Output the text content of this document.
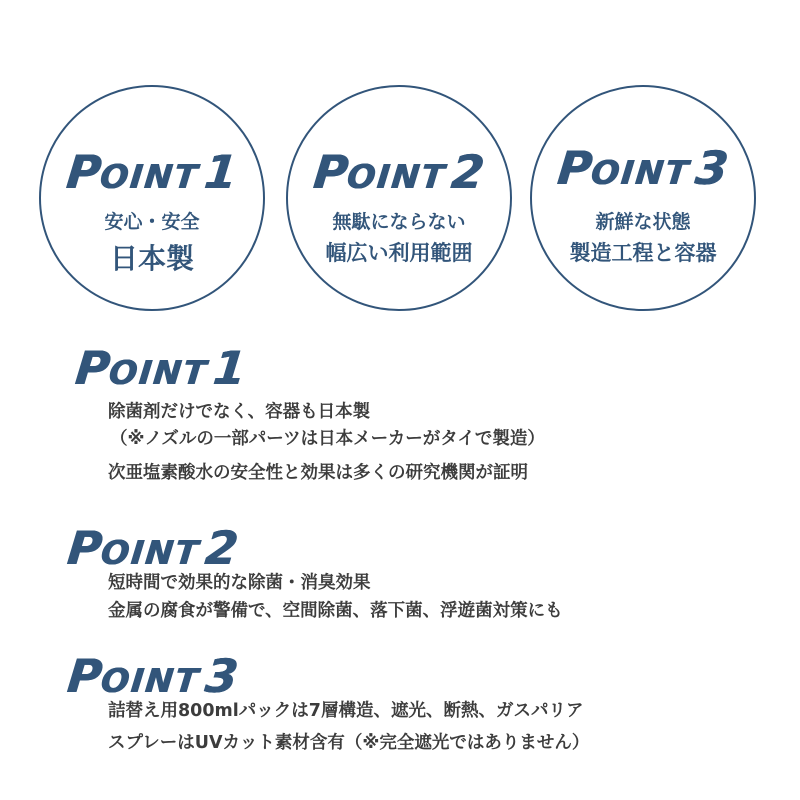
POINT 1
安心・安全
日本製
POINT 2
無駄にならない
幅広い利用範囲
POINT 3
新鮮な状態
製造工程と容器
POINT 1
除菌剤だけでなく、容器も日本製
（※ノズルの一部パーツは日本メーカーがタイで製造）
次亜塩素酸水の安全性と効果は多くの研究機関が証明
POINT 2
短時間で効果的な除菌・消臭効果
金属の腐食が警備で、空間除菌、落下菌、浮遊菌対策にも
POINT 3
詰替え用800mlパックは7層構造、遮光、断熱、ガスパリア
スプレーはUVカット素材含有（※完全遮光ではありません）
